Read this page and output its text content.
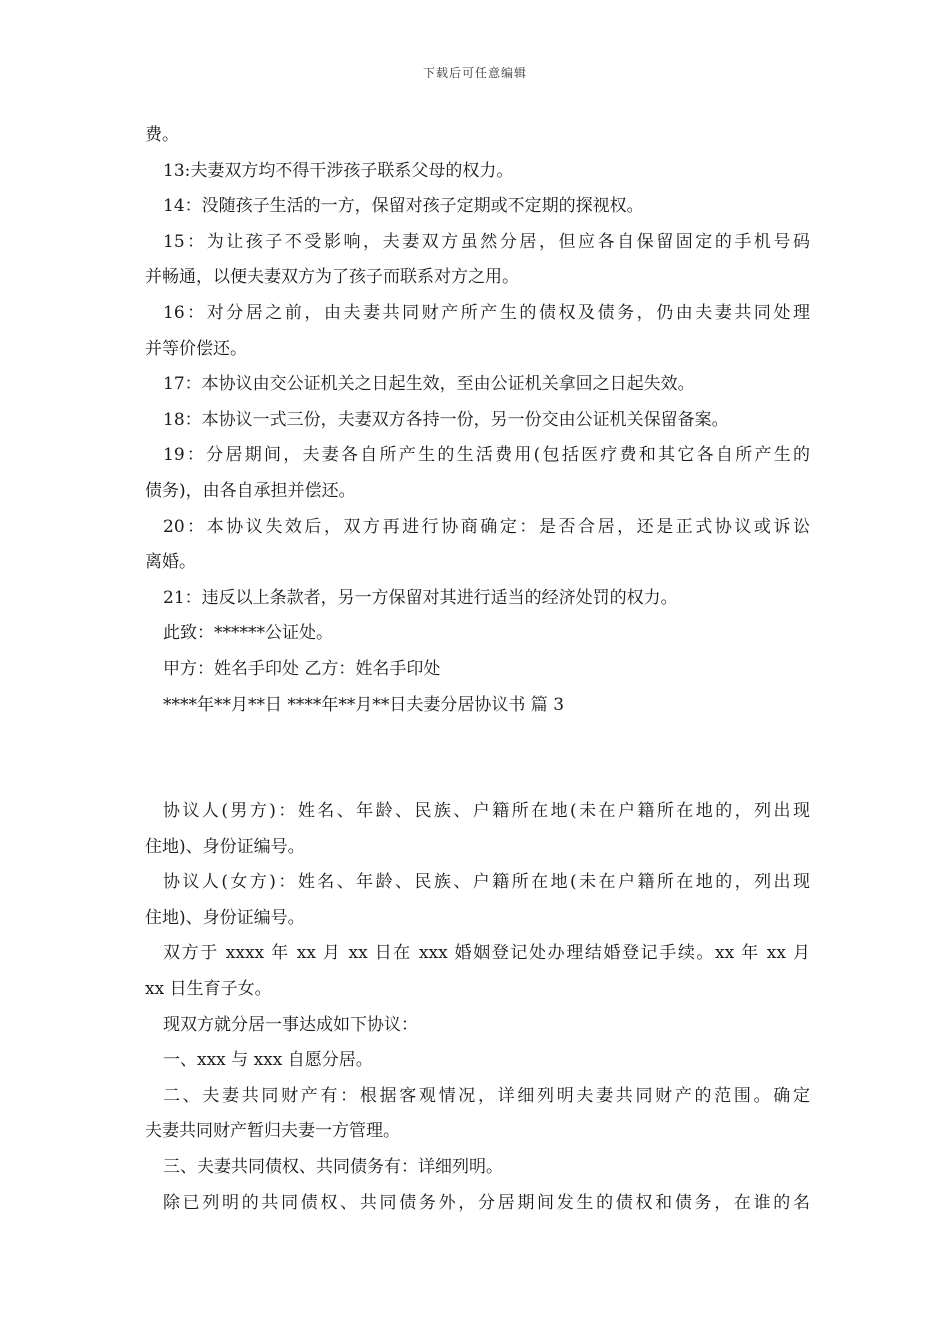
下载后可任意编辑
费。
13:夫妻双方均不得干涉孩子联系父母的权力。
14：没随孩子生活的一方，保留对孩子定期或不定期的探视权。
15：为让孩子不受影响，夫妻双方虽然分居，但应各自保留固定的手机号码
并畅通，以便夫妻双方为了孩子而联系对方之用。
16：对分居之前，由夫妻共同财产所产生的债权及债务，仍由夫妻共同处理
并等价偿还。
17：本协议由交公证机关之日起生效，至由公证机关拿回之日起失效。
18：本协议一式三份，夫妻双方各持一份，另一份交由公证机关保留备案。
19：分居期间，夫妻各自所产生的生活费用(包括医疗费和其它各自所产生的
债务)，由各自承担并偿还。
20：本协议失效后，双方再进行协商确定：是否合居，还是正式协议或诉讼
离婚。
21：违反以上条款者，另一方保留对其进行适当的经济处罚的权力。
此致：******公证处。
甲方：姓名手印处 乙方：姓名手印处
****年**月**日 ****年**月**日夫妻分居协议书 篇 3
协议人(男方)：姓名、年龄、民族、户籍所在地(未在户籍所在地的，列出现
住地)、身份证编号。
协议人(女方)：姓名、年龄、民族、户籍所在地(未在户籍所在地的，列出现
住地)、身份证编号。
双方于 xxxx 年 xx 月 xx 日在 xxx 婚姻登记处办理结婚登记手续。xx 年 xx 月
xx 日生育子女。
现双方就分居一事达成如下协议：
一、xxx 与 xxx 自愿分居。
二、夫妻共同财产有：根据客观情况，详细列明夫妻共同财产的范围。确定
夫妻共同财产暂归夫妻一方管理。
三、夫妻共同债权、共同债务有：详细列明。
除已列明的共同债权、共同债务外，分居期间发生的债权和债务，在谁的名
